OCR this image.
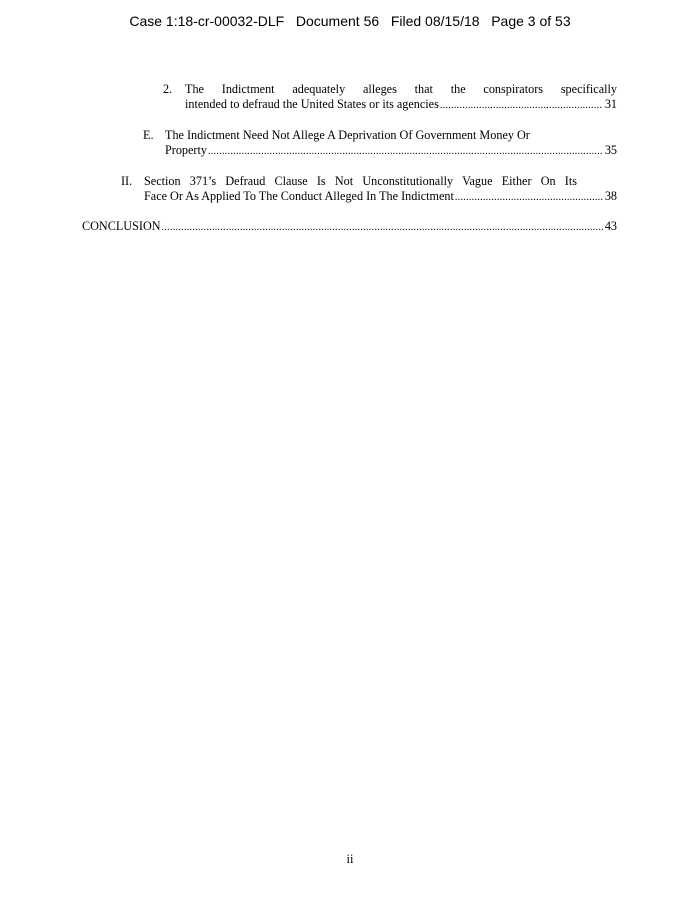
Case 1:18-cr-00032-DLF   Document 56   Filed 08/15/18   Page 3 of 53
2. The Indictment adequately alleges that the conspirators specifically
intended to defraud the United States or its agencies .....	31
E. The Indictment Need Not Allege A Deprivation Of Government Money Or
Property .....	35
II. Section 371’s Defraud Clause Is Not Unconstitutionally Vague Either On Its
Face Or As Applied To The Conduct Alleged In The Indictment .....	38
CONCLUSION .....	43
ii
